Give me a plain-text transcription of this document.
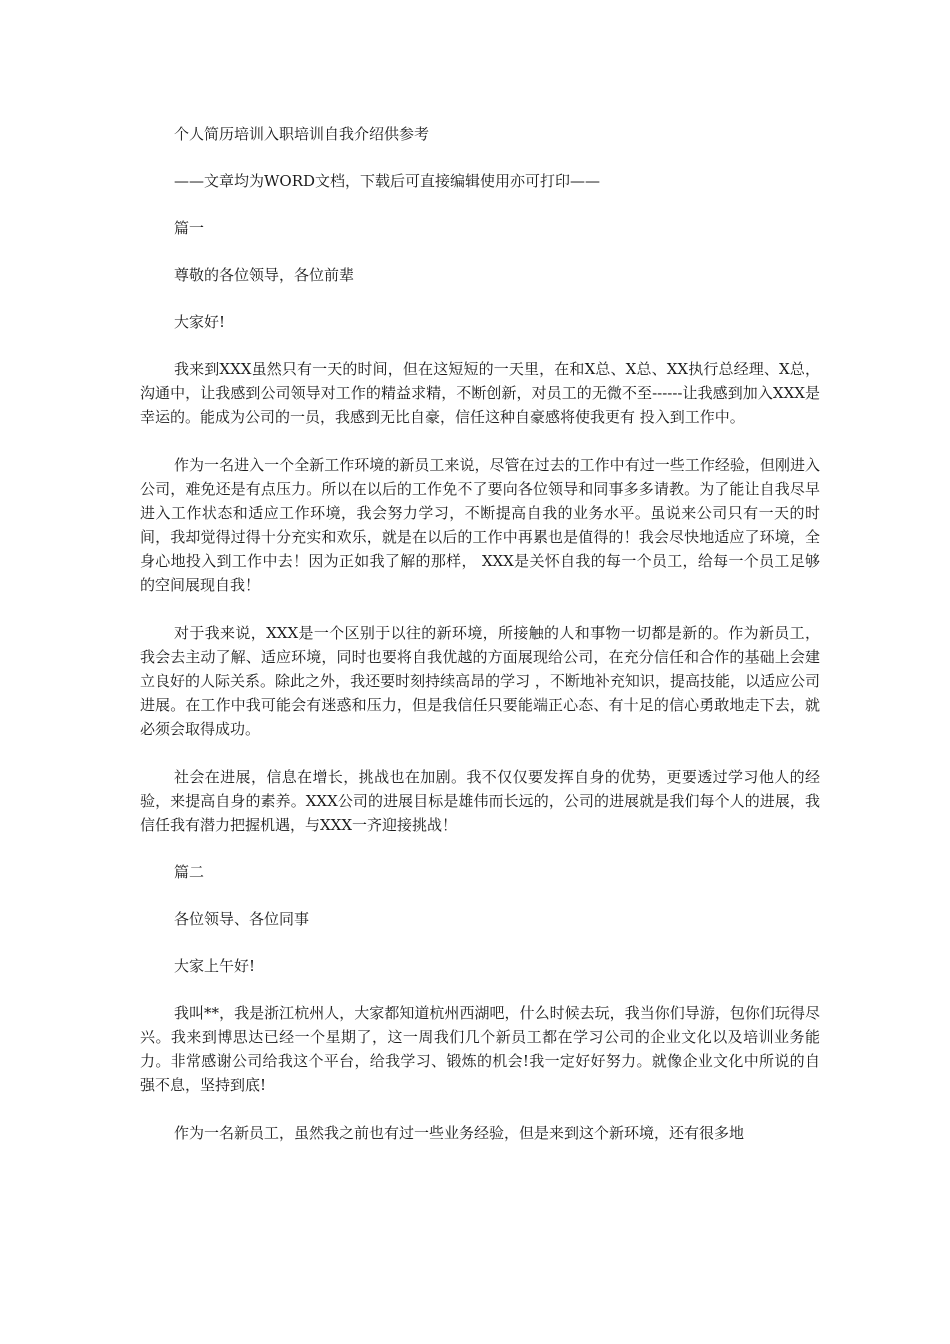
个人简历培训入职培训自我介绍供参考

——文章均为WORD文档，下载后可直接编辑使用亦可打印——

篇一

尊敬的各位领导，各位前辈

大家好!

我来到XXX虽然只有一天的时间，但在这短短的一天里，在和X总、X总、XX执行总经理、X总，沟通中，让我感到公司领导对工作的精益求精，不断创新，对员工的无微不至------让我感到加入XXX是幸运的。能成为公司的一员，我感到无比自豪，信任这种自豪感将使我更有 投入到工作中。

作为一名进入一个全新工作环境的新员工来说，尽管在过去的工作中有过一些工作经验，但刚进入公司，难免还是有点压力。所以在以后的工作免不了要向各位领导和同事多多请教。为了能让自我尽早进入工作状态和适应工作环境，我会努力学习，不断提高自我的业务水平。虽说来公司只有一天的时间，我却觉得过得十分充实和欢乐，就是在以后的工作中再累也是值得的！我会尽快地适应了环境，全身心地投入到工作中去！因为正如我了解的那样， XXX是关怀自我的每一个员工，给每一个员工足够的空间展现自我！

对于我来说，XXX是一个区别于以往的新环境，所接触的人和事物一切都是新的。作为新员工，我会去主动了解、适应环境，同时也要将自我优越的方面展现给公司，在充分信任和合作的基础上会建立良好的人际关系。除此之外，我还要时刻持续高昂的学习 ，不断地补充知识，提高技能，以适应公司进展。在工作中我可能会有迷惑和压力，但是我信任只要能端正心态、有十足的信心勇敢地走下去，就必须会取得成功。

社会在进展，信息在增长，挑战也在加剧。我不仅仅要发挥自身的优势，更要透过学习他人的经验，来提高自身的素养。XXX公司的进展目标是雄伟而长远的，公司的进展就是我们每个人的进展，我信任我有潜力把握机遇，与XXX一齐迎接挑战！

篇二

各位领导、各位同事

大家上午好!

我叫**，我是浙江杭州人，大家都知道杭州西湖吧，什么时候去玩，我当你们导游，包你们玩得尽兴。我来到博思达已经一个星期了，这一周我们几个新员工都在学习公司的企业文化以及培训业务能力。非常感谢公司给我这个平台，给我学习、锻炼的机会!我一定好好努力。就像企业文化中所说的自强不息，坚持到底!

作为一名新员工，虽然我之前也有过一些业务经验，但是来到这个新环境，还有很多地
